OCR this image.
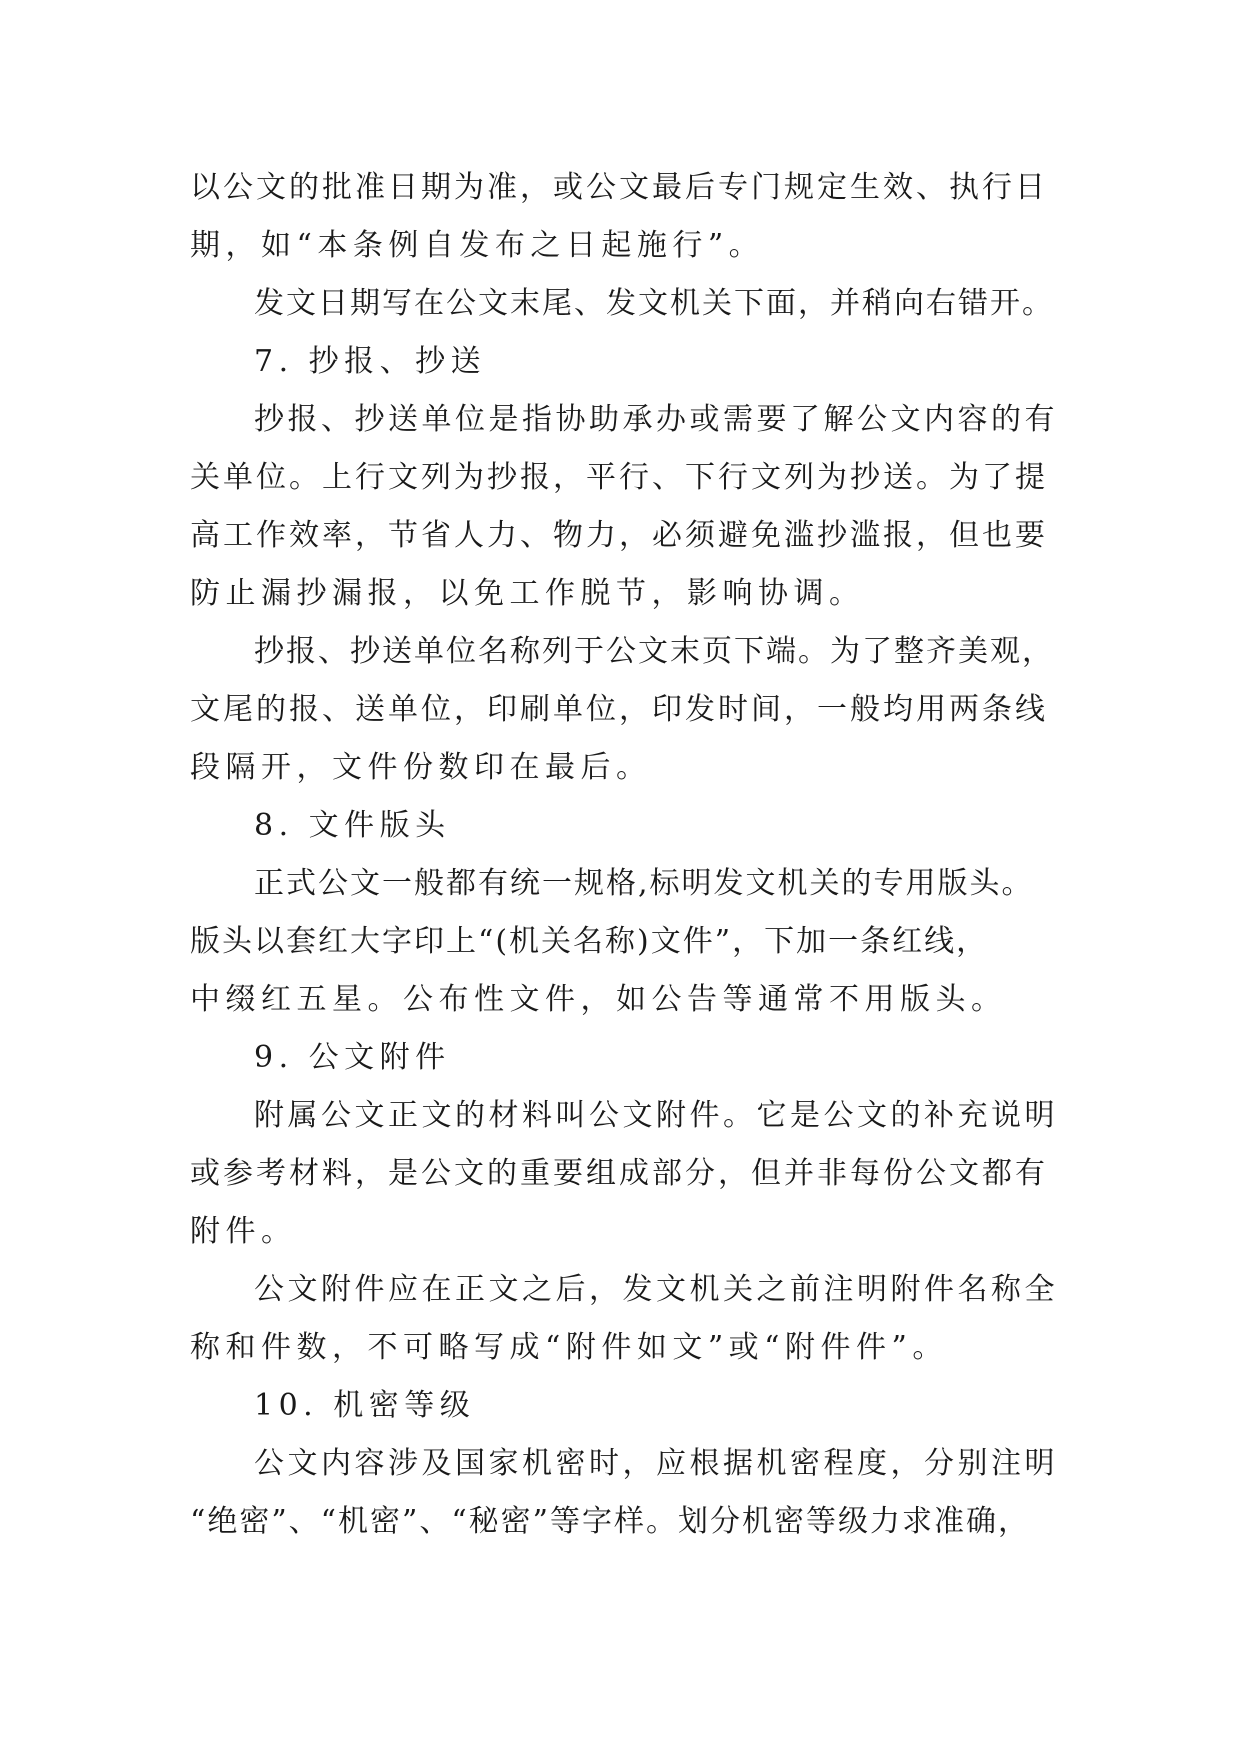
以公文的批准日期为准，或公文最后专门规定生效、执行日
期，如“本条例自发布之日起施行”。
发文日期写在公文末尾、发文机关下面，并稍向右错开。
7. 抄报、抄送
抄报、抄送单位是指协助承办或需要了解公文内容的有
关单位。上行文列为抄报，平行、下行文列为抄送。为了提
高工作效率，节省人力、物力，必须避免滥抄滥报，但也要
防止漏抄漏报，以免工作脱节，影响协调。
抄报、抄送单位名称列于公文末页下端。为了整齐美观，
文尾的报、送单位，印刷单位，印发时间，一般均用两条线
段隔开，文件份数印在最后。
8. 文件版头
正式公文一般都有统一规格,标明发文机关的专用版头。
版头以套红大字印上“(机关名称)文件”，下加一条红线，
中缀红五星。公布性文件，如公告等通常不用版头。
9. 公文附件
附属公文正文的材料叫公文附件。它是公文的补充说明
或参考材料，是公文的重要组成部分，但并非每份公文都有
附件。
公文附件应在正文之后，发文机关之前注明附件名称全
称和件数，不可略写成“附件如文”或“附件件”。
10. 机密等级
公文内容涉及国家机密时，应根据机密程度，分别注明
“绝密”、“机密”、“秘密”等字样。划分机密等级力求准确，
